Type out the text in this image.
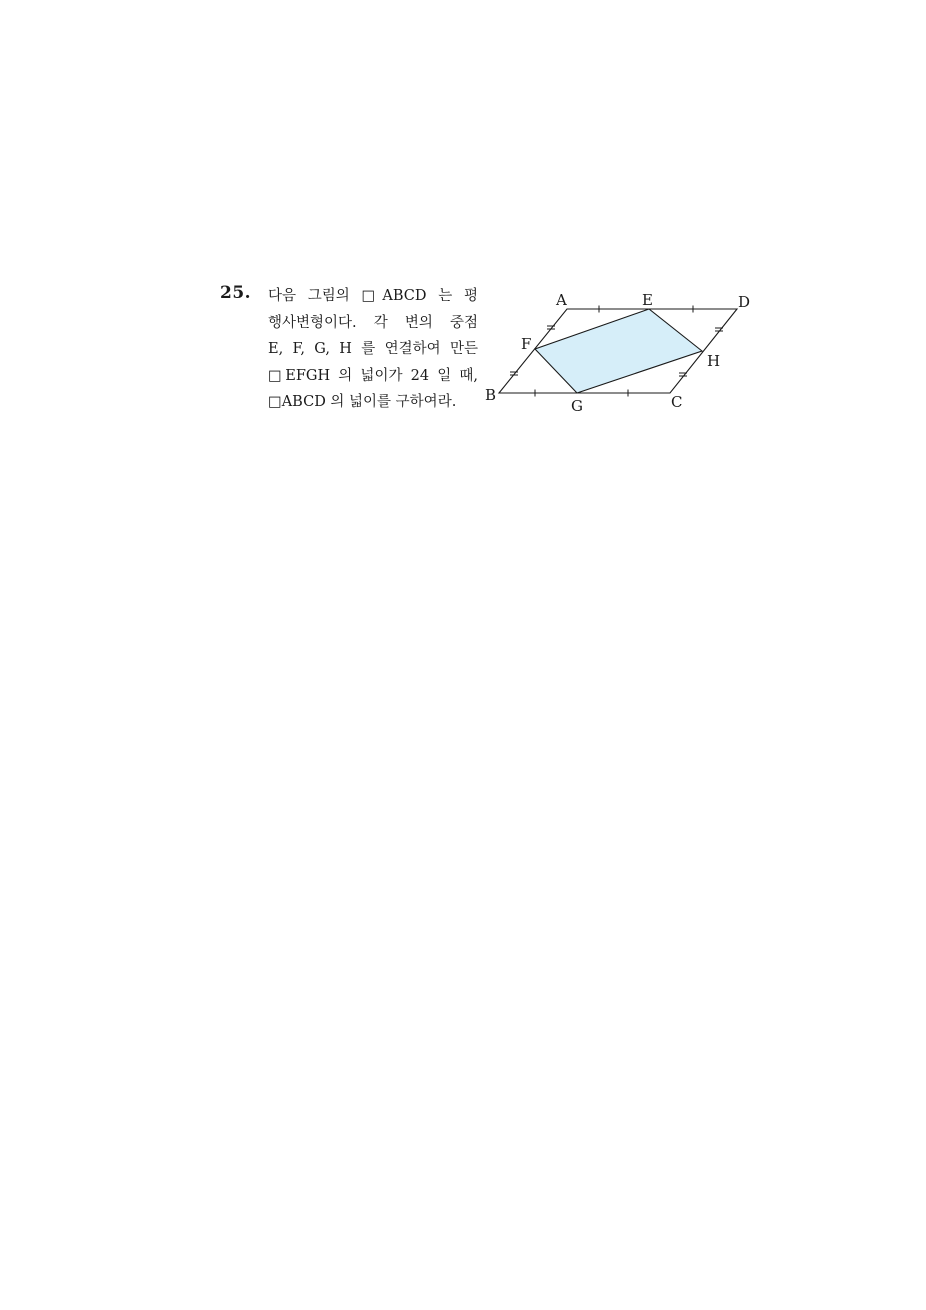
25. 다음 그림의 □ABCD 는 평
행사변형이다. 각 변의 중점
E, F, G, H 를 연결하여 만든
□EFGH 의 넓이가 24 일 때,
□ABCD 의 넓이를 구하여라.
A	E	D
F
H
B
G	C
